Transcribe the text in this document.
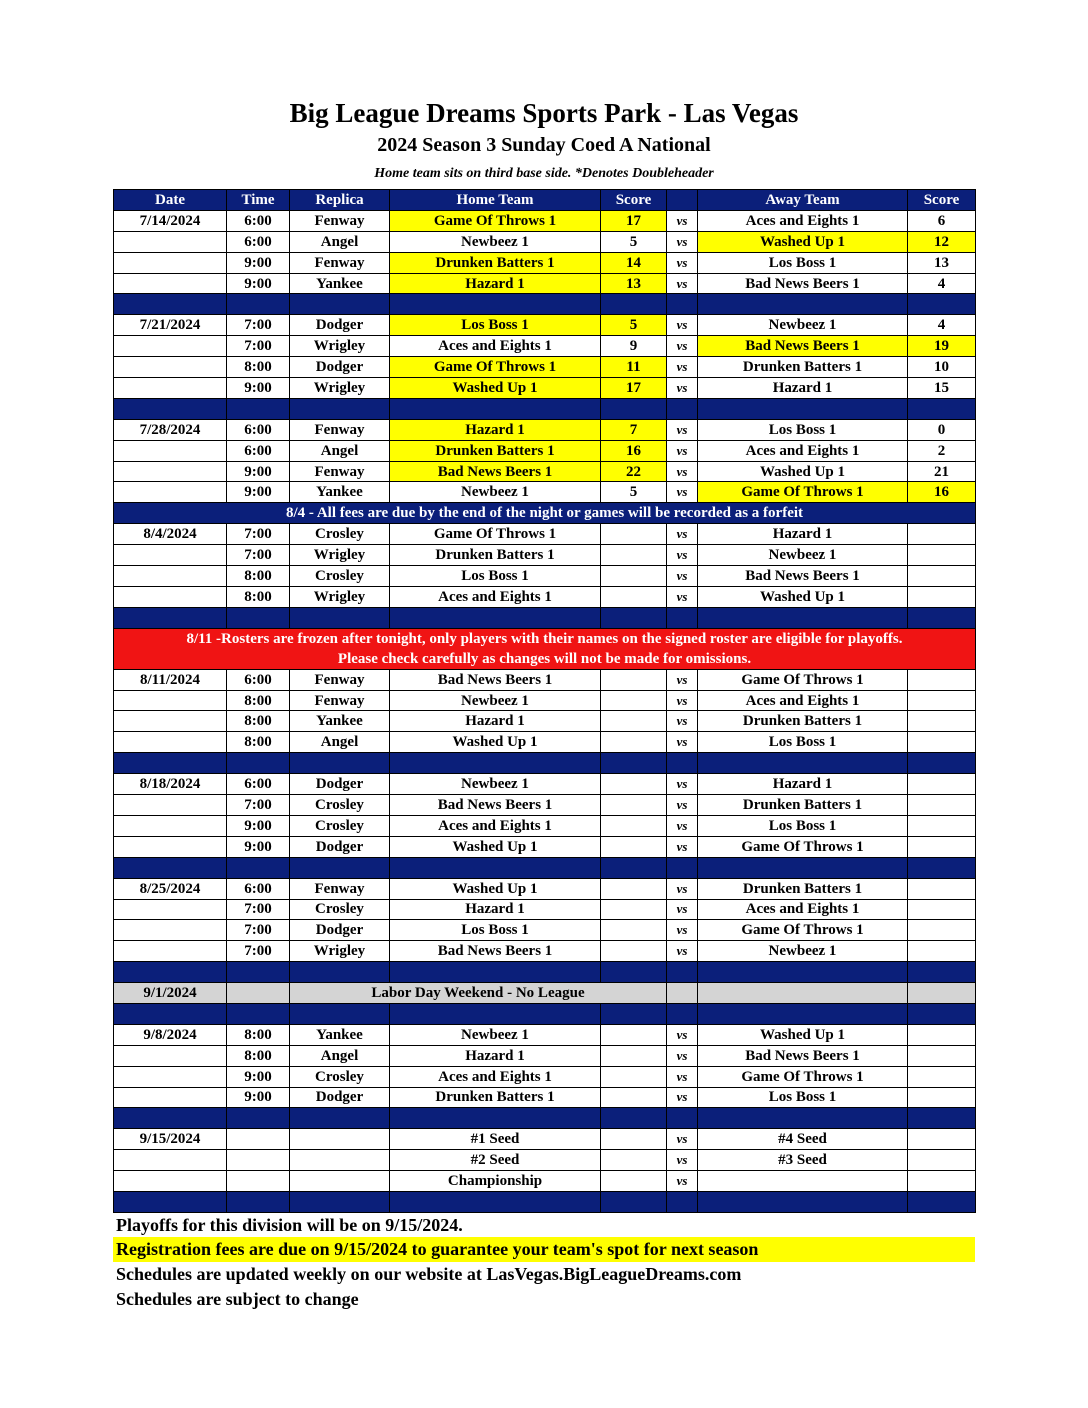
Big League Dreams Sports Park - Las Vegas
2024 Season 3 Sunday Coed A National
Home team sits on third base side. *Denotes Doubleheader
Date	Time	Replica	Home Team	Score		Away Team	Score
7/14/2024	6:00	Fenway	Game Of Throws 1	17	vs	Aces and Eights 1	6
	6:00	Angel	Newbeez 1	5	vs	Washed Up 1	12
	9:00	Fenway	Drunken Batters 1	14	vs	Los Boss 1	13
	9:00	Yankee	Hazard 1	13	vs	Bad News Beers 1	4

7/21/2024	7:00	Dodger	Los Boss 1	5	vs	Newbeez 1	4
	7:00	Wrigley	Aces and Eights 1	9	vs	Bad News Beers 1	19
	8:00	Dodger	Game Of Throws 1	11	vs	Drunken Batters 1	10
	9:00	Wrigley	Washed Up 1	17	vs	Hazard 1	15

7/28/2024	6:00	Fenway	Hazard 1	7	vs	Los Boss 1	0
	6:00	Angel	Drunken Batters 1	16	vs	Aces and Eights 1	2
	9:00	Fenway	Bad News Beers 1	22	vs	Washed Up 1	21
	9:00	Yankee	Newbeez 1	5	vs	Game Of Throws 1	16
8/4 - All fees are due by the end of the night or games will be recorded as a forfeit							
8/4/2024	7:00	Crosley	Game Of Throws 1		vs	Hazard 1	
	7:00	Wrigley	Drunken Batters 1		vs	Newbeez 1	
	8:00	Crosley	Los Boss 1		vs	Bad News Beers 1	
	8:00	Wrigley	Aces and Eights 1		vs	Washed Up 1	

8/11 -Rosters are frozen after tonight, only players with their names on the signed roster are eligible for playoffs.
Please check carefully as changes will not be made for omissions.							

8/11/2024	6:00	Fenway	Bad News Beers 1		vs	Game Of Throws 1	
	8:00	Fenway	Newbeez 1		vs	Aces and Eights 1	
	8:00	Yankee	Hazard 1		vs	Drunken Batters 1	
	8:00	Angel	Washed Up 1		vs	Los Boss 1	

8/18/2024	6:00	Dodger	Newbeez 1		vs	Hazard 1	
	7:00	Crosley	Bad News Beers 1		vs	Drunken Batters 1	
	9:00	Crosley	Aces and Eights 1		vs	Los Boss 1	
	9:00	Dodger	Washed Up 1		vs	Game Of Throws 1	

8/25/2024	6:00	Fenway	Washed Up 1		vs	Drunken Batters 1	
	7:00	Crosley	Hazard 1		vs	Aces and Eights 1	
	7:00	Dodger	Los Boss 1		vs	Game Of Throws 1	
	7:00	Wrigley	Bad News Beers 1		vs	Newbeez 1	

9/1/2024		Labor Day Weekend - No League					

9/8/2024	8:00	Yankee	Newbeez 1		vs	Washed Up 1	
	8:00	Angel	Hazard 1		vs	Bad News Beers 1	
	9:00	Crosley	Aces and Eights 1		vs	Game Of Throws 1	
	9:00	Dodger	Drunken Batters 1		vs	Los Boss 1	

9/15/2024			#1 Seed		vs	#4 Seed	
			#2 Seed		vs	#3 Seed	
			Championship		vs		

Playoffs for this division will be on 9/15/2024.
Registration fees are due on 9/15/2024 to guarantee your team's spot for next season
Schedules are updated weekly on our website at LasVegas.BigLeagueDreams.com
Schedules are subject to change
